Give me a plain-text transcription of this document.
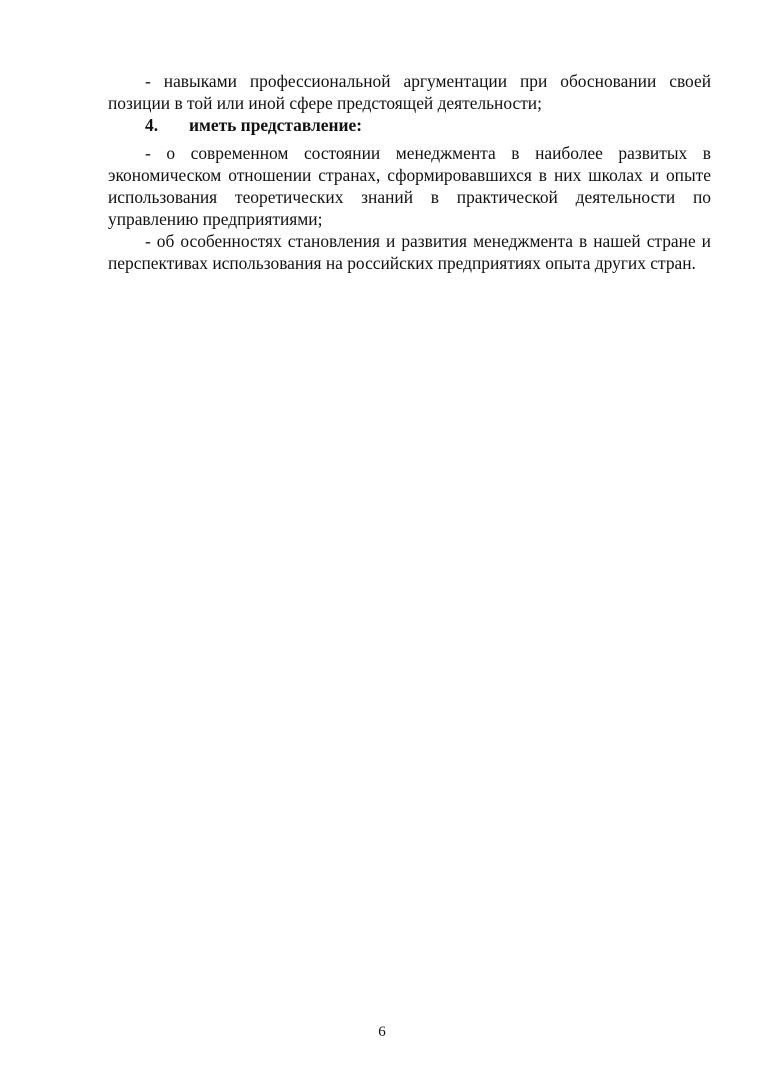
- навыками профессиональной аргументации при обосновании своей позиции в той или иной сфере предстоящей деятельности;

4.	иметь представление:

- о современном состоянии менеджмента в наиболее развитых в экономическом отношении странах, сформировавшихся в них школах и опыте использования теоретических знаний в практической деятельности по управлению предприятиями;

- об особенностях становления и развития менеджмента в нашей стране и перспективах использования на российских предприятиях опыта других стран.

6
